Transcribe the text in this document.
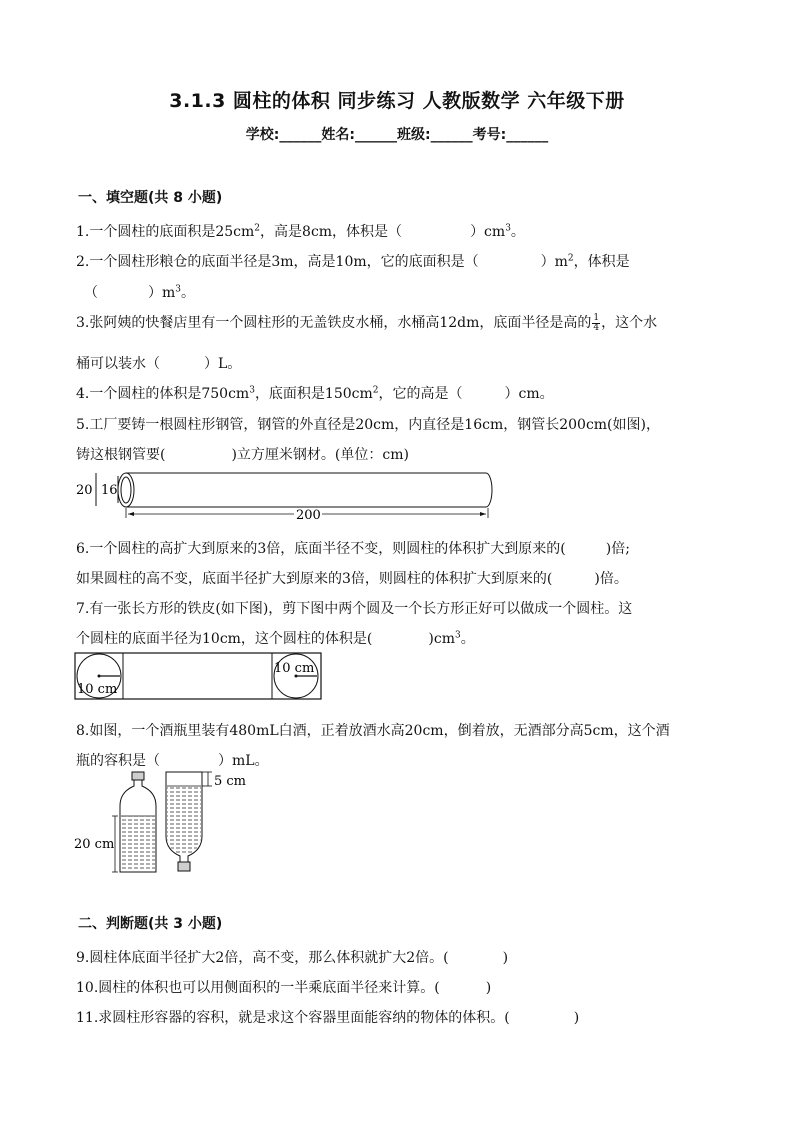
3.1.3 圆柱的体积 同步练习 人教版数学 六年级下册
学校:______姓名:______班级:______考号:______
一、填空题(共 8 小题)
1.一个圆柱的底面积是$25cm^2$，高是8cm，体积是（	）$cm^3$。
2.一个圆柱形粮仓的底面半径是3m，高是10m，它的底面积是（	）$m^2$，体积是
（	）$m^3$。
3.张阿姨的快餐店里有一个圆柱形的无盖铁皮水桶，水桶高12dm，底面半径是高的 $\frac{1}{4}$ ，这个水
桶可以装水（	）L。
4.一个圆柱的体积是$750cm^3$，底面积是$150cm^2$，它的高是（	）cm。
5.工厂要铸一根圆柱形钢管，钢管的外直径是20cm，内直径是16cm，钢管长200cm(如图)，
铸这根钢管要(	)立方厘米钢材。(单位：cm)
20 16
200
6.一个圆柱的高扩大到原来的3倍，底面半径不变，则圆柱的体积扩大到原来的(	)倍;
如果圆柱的高不变，底面半径扩大到原来的3倍，则圆柱的体积扩大到原来的(	)倍。
7.有一张长方形的铁皮(如下图)，剪下图中两个圆及一个长方形正好可以做成一个圆柱。这
个圆柱的底面半径为10cm，这个圆柱的体积是(	)$cm^3$。
10 cm
10 cm
8.如图，一个酒瓶里装有480mL白酒，正着放酒水高20cm，倒着放，无酒部分高5cm，这个酒
瓶的容积是（	）mL。
20 cm
5 cm
二、判断题(共 3 小题)
9.圆柱体底面半径扩大2倍，高不变，那么体积就扩大2倍。(	)
10.圆柱的体积也可以用侧面积的一半乘底面半径来计算。(	)
11.求圆柱形容器的容积，就是求这个容器里面能容纳的物体的体积。(	)
